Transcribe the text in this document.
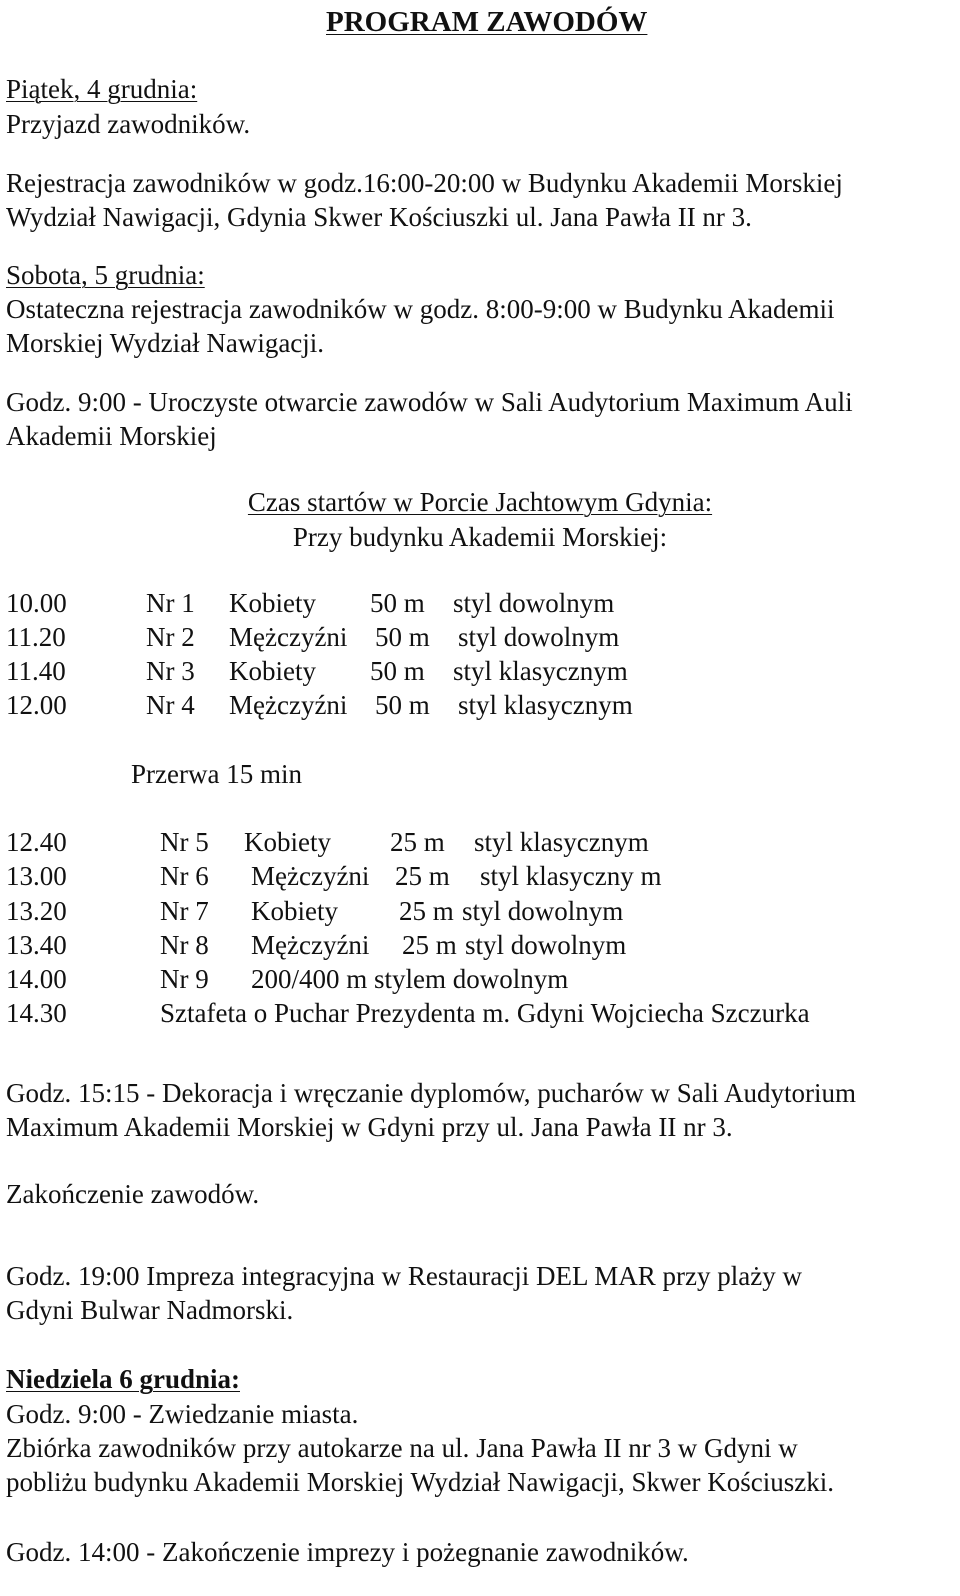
PROGRAM ZAWODÓW
Piątek, 4 grudnia:
Przyjazd zawodników.
Rejestracja zawodników w godz.16:00-20:00 w Budynku Akademii Morskiej
Wydział Nawigacji, Gdynia Skwer Kościuszki ul. Jana Pawła II nr 3.
Sobota, 5 grudnia:
Ostateczna rejestracja zawodników w godz. 8:00-9:00 w Budynku Akademii
Morskiej Wydział Nawigacji.
Godz. 9:00 - Uroczyste otwarcie zawodów w Sali Audytorium Maximum Auli
Akademii Morskiej
Czas startów w Porcie Jachtowym Gdynia:
Przy budynku Akademii Morskiej:
10.00	Nr 1 Kobiety 50 m styl dowolnym
11.20	Nr 2 Mężczyźni 50 m styl dowolnym
11.40	Nr 3 Kobiety 50 m styl klasycznym
12.00	Nr 4 Mężczyźni 50 m styl klasycznym
Przerwa 15 min
12.40	Nr 5 Kobiety 25 m styl klasycznym
13.00	Nr 6 Mężczyźni 25 m styl klasyczny m
13.20	Nr 7 Kobiety 25 m styl dowolnym
13.40	Nr 8 Mężczyźni 25 m styl dowolnym
14.00	Nr 9 200/400 m stylem dowolnym
14.30	Sztafeta o Puchar Prezydenta m. Gdyni Wojciecha Szczurka
Godz. 15:15 - Dekoracja i wręczanie dyplomów, pucharów w Sali Audytorium
Maximum Akademii Morskiej w Gdyni przy ul. Jana Pawła II nr 3.
Zakończenie zawodów.
Godz. 19:00 Impreza integracyjna w Restauracji DEL MAR przy plaży w
Gdyni Bulwar Nadmorski.
Niedziela 6 grudnia:
Godz. 9:00 - Zwiedzanie miasta.
Zbiórka zawodników przy autokarze na ul. Jana Pawła II nr 3 w Gdyni w
pobliżu budynku Akademii Morskiej Wydział Nawigacji, Skwer Kościuszki.
Godz. 14:00 - Zakończenie imprezy i pożegnanie zawodników.
